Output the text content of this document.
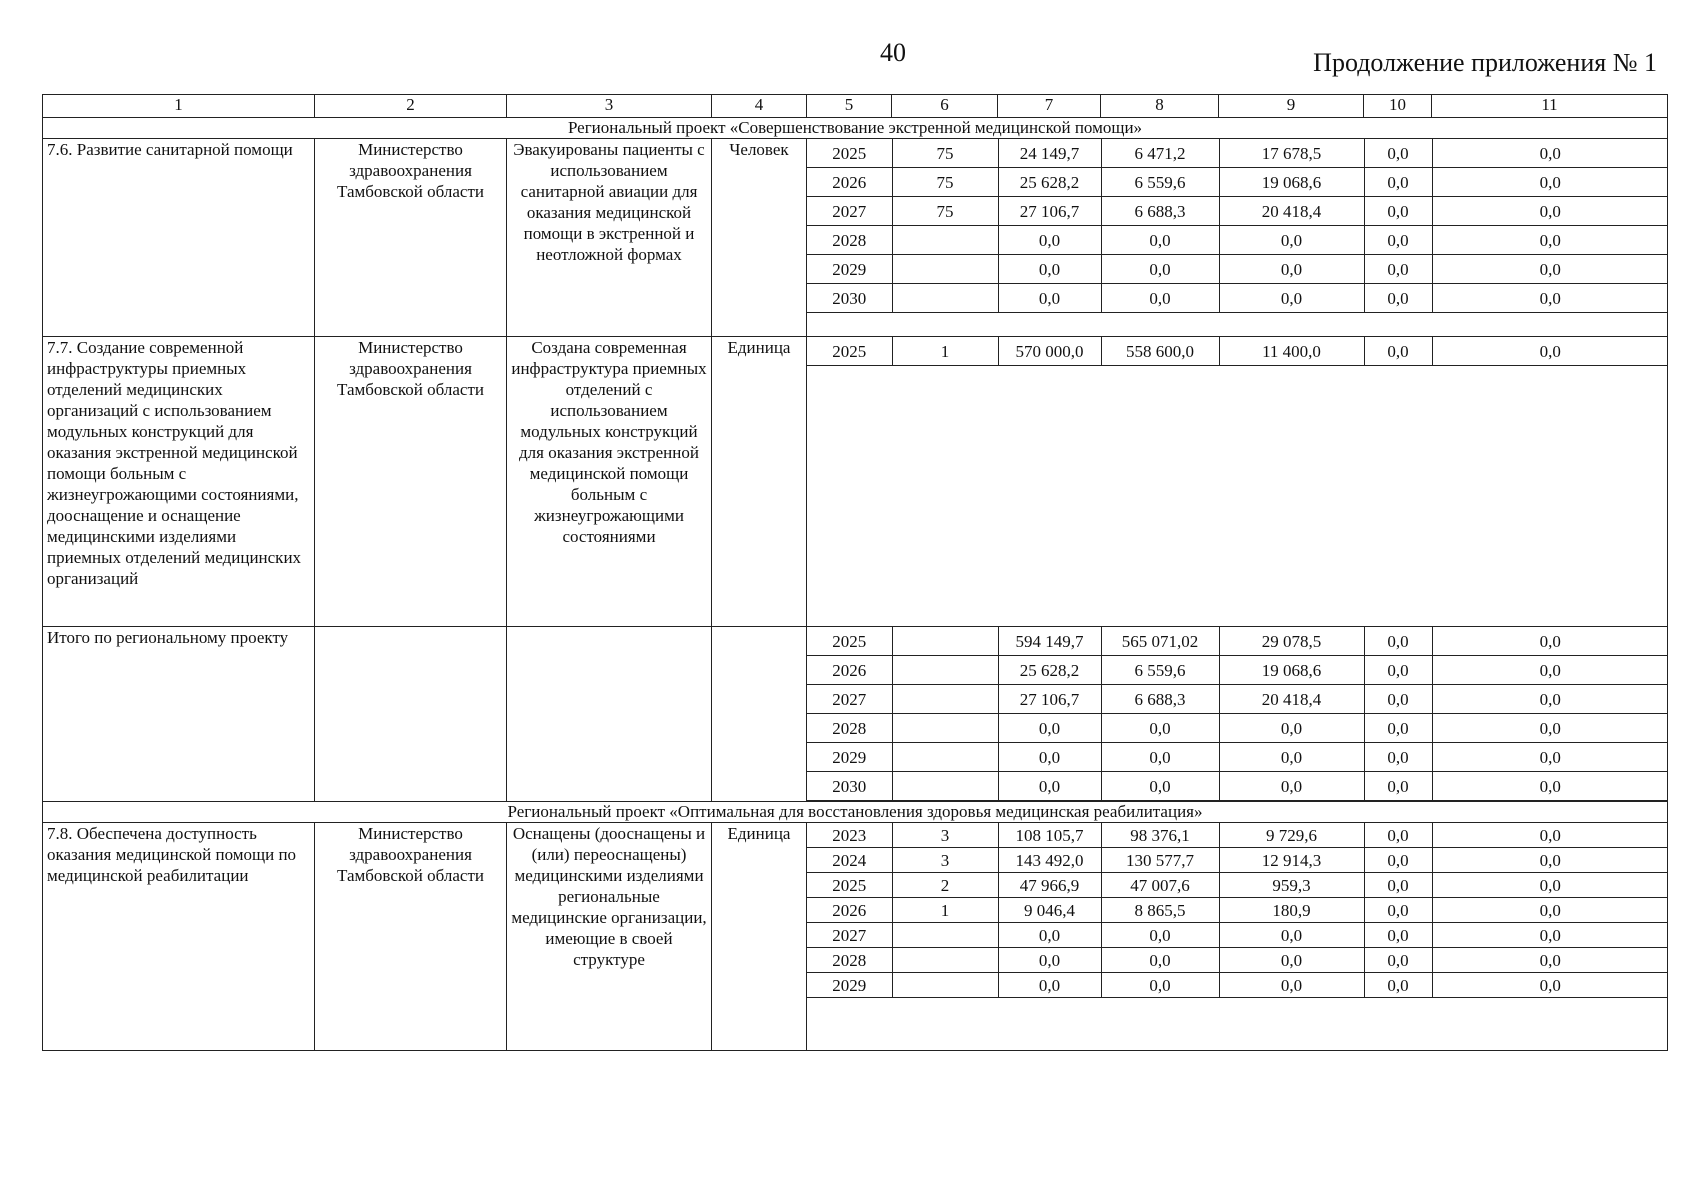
40	Продолжение приложения № 1
1	2	3	4	5	6	7	8	9	10	11
Региональный проект «Совершенствование экстренной медицинской помощи»
7.6. Развитие санитарной помощи	Министерство здравоохранения Тамбовской области	Эвакуированы пациенты с использованием санитарной авиации для оказания медицинской помощи в экстренной и неотложной формах	Человек		2025	75	24 149,7	6 471,2	17 678,5	0,0	0,0
2026	75	25 628,2	6 559,6	19 068,6	0,0	0,0
2027	75	27 106,7	6 688,3	20 418,4	0,0	0,0
2028		0,0	0,0	0,0	0,0	0,0
2029		0,0	0,0	0,0	0,0	0,0
2030		0,0	0,0	0,0	0,0	0,0

7.7. Создание современной инфраструктуры приемных отделений медицинских организаций с использованием модульных конструкций для оказания экстренной медицинской помощи больным с жизнеугрожающими состояниями, дооснащение и оснащение медицинскими изделиями приемных отделений медицинских организаций	Министерство здравоохранения Тамбовской области	Создана современная инфраструктура приемных отделений с использованием модульных конструкций для оказания экстренной медицинской помощи больным с жизнеугрожающими состояниями	Единица	2025	1	570 000,0	558 600,0	11 400,0	0,0	0,0

Итого по региональному проекту					2025		594 149,7	565 071,02	29 078,5	0,0	0,0
2026		25 628,2	6 559,6	19 068,6	0,0	0,0
2027		27 106,7	6 688,3	20 418,4	0,0	0,0
2028		0,0	0,0	0,0	0,0	0,0
2029		0,0	0,0	0,0	0,0	0,0
2030		0,0	0,0	0,0	0,0	0,0

Региональный проект «Оптимальная для восстановления здоровья медицинская реабилитация»
7.8. Обеспечена доступность оказания медицинской помощи по медицинской реабилитации	Министерство здравоохранения Тамбовской области	Оснащены (дооснащены и (или) переоснащены) медицинскими изделиями региональные медицинские организации, имеющие в своей структуре	Единица	2023	3	108 105,7	98 376,1	9 729,6	0,0	0,0
2024	3	143 492,0	130 577,7	12 914,3	0,0	0,0
2025	2	47 966,9	47 007,6	959,3	0,0	0,0
2026	1	9 046,4	8 865,5	180,9	0,0	0,0
2027		0,0	0,0	0,0	0,0	0,0
2028		0,0	0,0	0,0	0,0	0,0
2029		0,0	0,0	0,0	0,0	0,0
